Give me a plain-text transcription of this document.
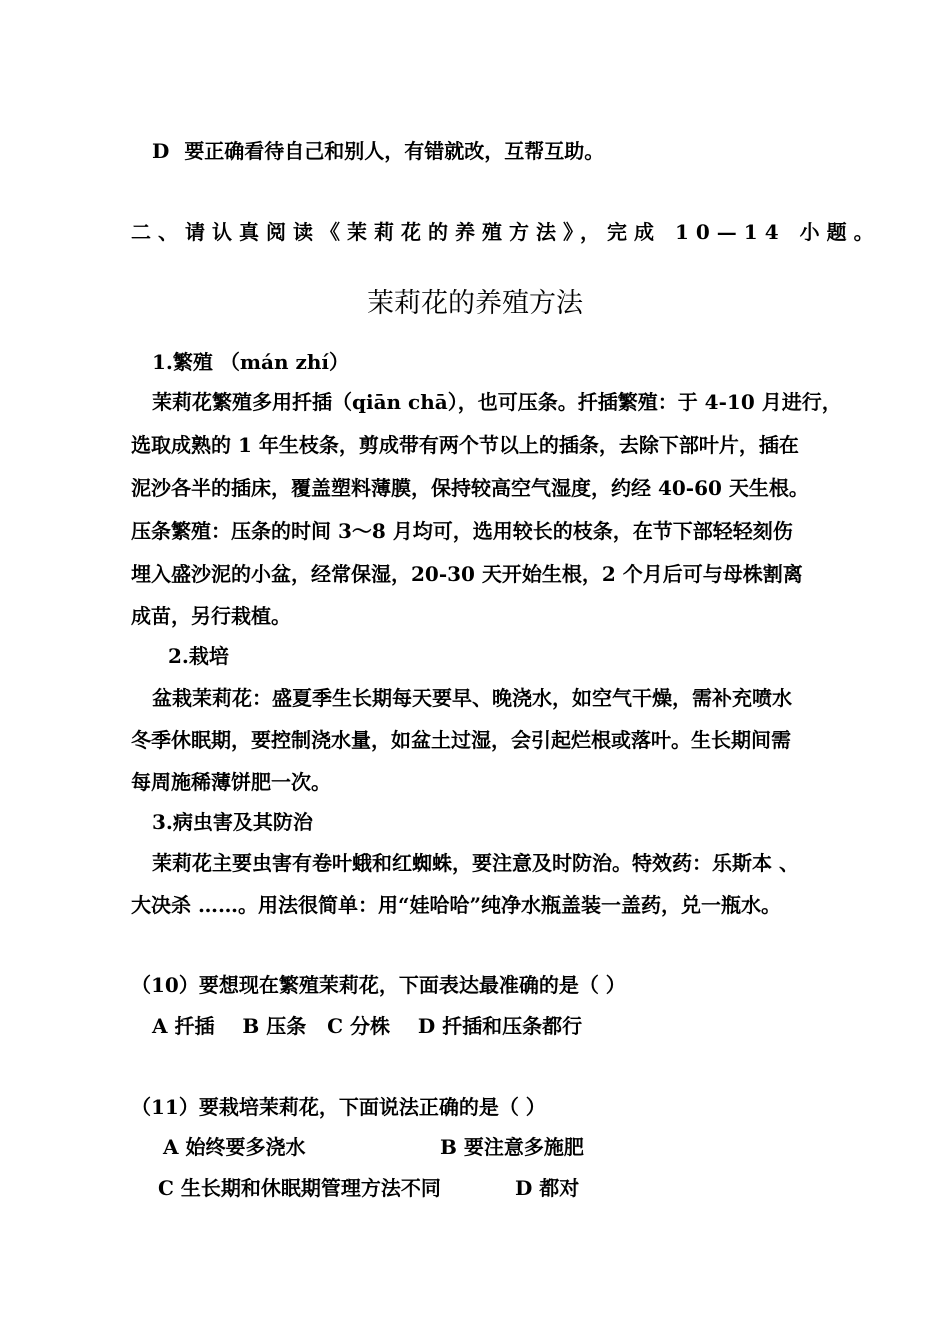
D 要正确看待自己和别人，有错就改，互帮互助。
二、请认真阅读《茉莉花的养殖方法》，完成 10—14 小题。
茉莉花的养殖方法
1.繁殖 （mán zhí）
茉莉花繁殖多用扦插（qiān chā），也可压条。扦插繁殖：于 4-10 月进行，
选取成熟的 1 年生枝条，剪成带有两个节以上的插条，去除下部叶片，插在
泥沙各半的插床，覆盖塑料薄膜，保持较高空气湿度，约经 40-60 天生根。
压条繁殖：压条的时间 3～8 月均可，选用较长的枝条，在节下部轻轻刻伤
埋入盛沙泥的小盆，经常保湿，20-30 天开始生根，2 个月后可与母株割离
成苗，另行栽植。
2.栽培
盆栽茉莉花：盛夏季生长期每天要早、晚浇水，如空气干燥，需补充喷水
冬季休眠期，要控制浇水量，如盆土过湿，会引起烂根或落叶。生长期间需
每周施稀薄饼肥一次。
3.病虫害及其防治
茉莉花主要虫害有卷叶蛾和红蜘蛛，要注意及时防治。特效药：乐斯本 、
大决杀 ……。用法很简单：用“娃哈哈”纯净水瓶盖装一盖药，兑一瓶水。
（10）要想现在繁殖茉莉花，下面表达最准确的是（ ）
A 扦插    B 压条   C 分株    D 扦插和压条都行
（11）要栽培茉莉花，下面说法正确的是（ ）
A 始终要多浇水	B 要注意多施肥
C 生长期和休眠期管理方法不同	D 都对
